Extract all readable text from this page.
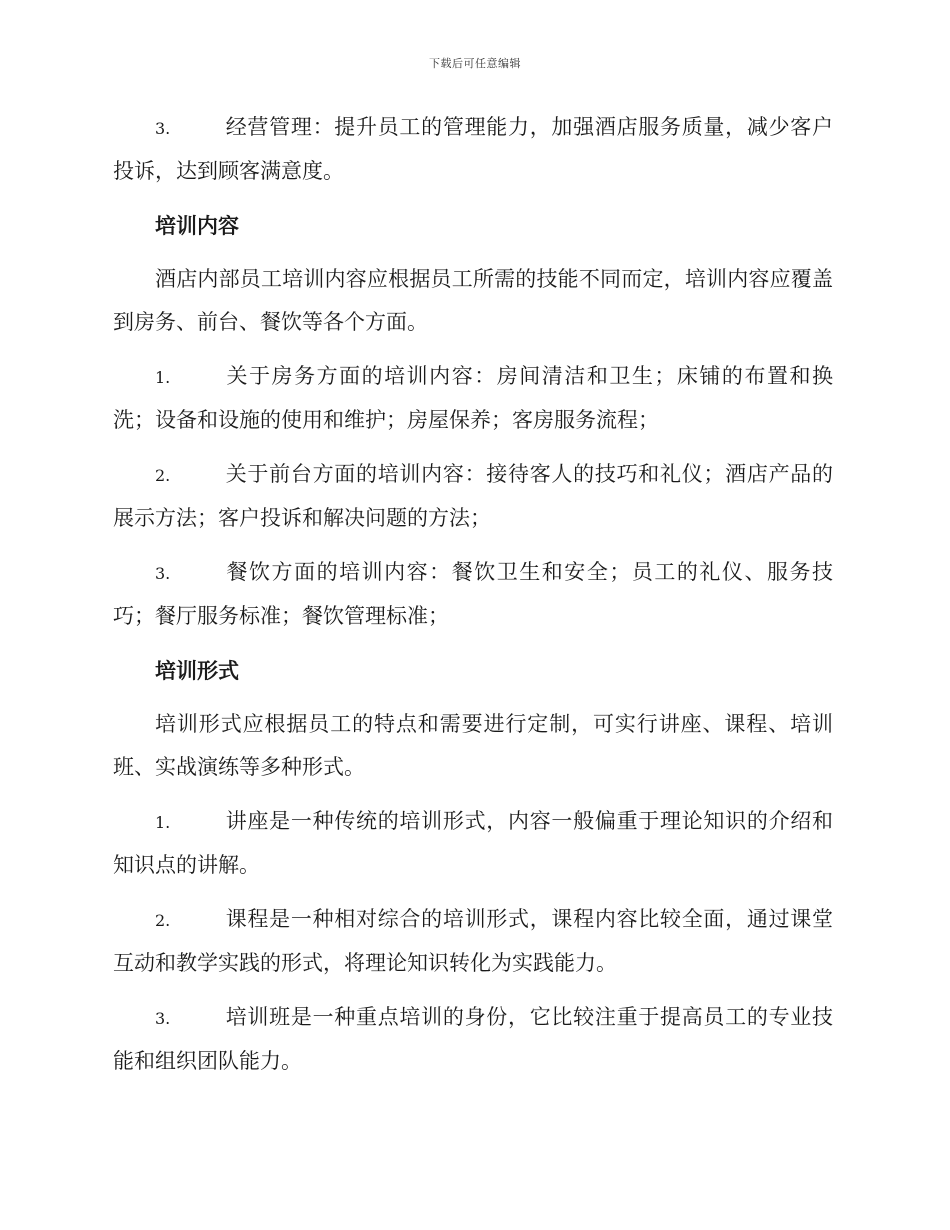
下载后可任意编辑

3.	经营管理：提升员工的管理能力，加强酒店服务质量，减少客户投诉，达到顾客满意度。

培训内容

酒店内部员工培训内容应根据员工所需的技能不同而定，培训内容应覆盖到房务、前台、餐饮等各个方面。

1.	关于房务方面的培训内容：房间清洁和卫生；床铺的布置和换洗；设备和设施的使用和维护；房屋保养；客房服务流程；

2.	关于前台方面的培训内容：接待客人的技巧和礼仪；酒店产品的展示方法；客户投诉和解决问题的方法；

3.	餐饮方面的培训内容：餐饮卫生和安全；员工的礼仪、服务技巧；餐厅服务标准；餐饮管理标准；

培训形式

培训形式应根据员工的特点和需要进行定制，可实行讲座、课程、培训班、实战演练等多种形式。

1.	讲座是一种传统的培训形式，内容一般偏重于理论知识的介绍和知识点的讲解。

2.	课程是一种相对综合的培训形式，课程内容比较全面，通过课堂互动和教学实践的形式，将理论知识转化为实践能力。

3.	培训班是一种重点培训的身份，它比较注重于提高员工的专业技能和组织团队能力。
